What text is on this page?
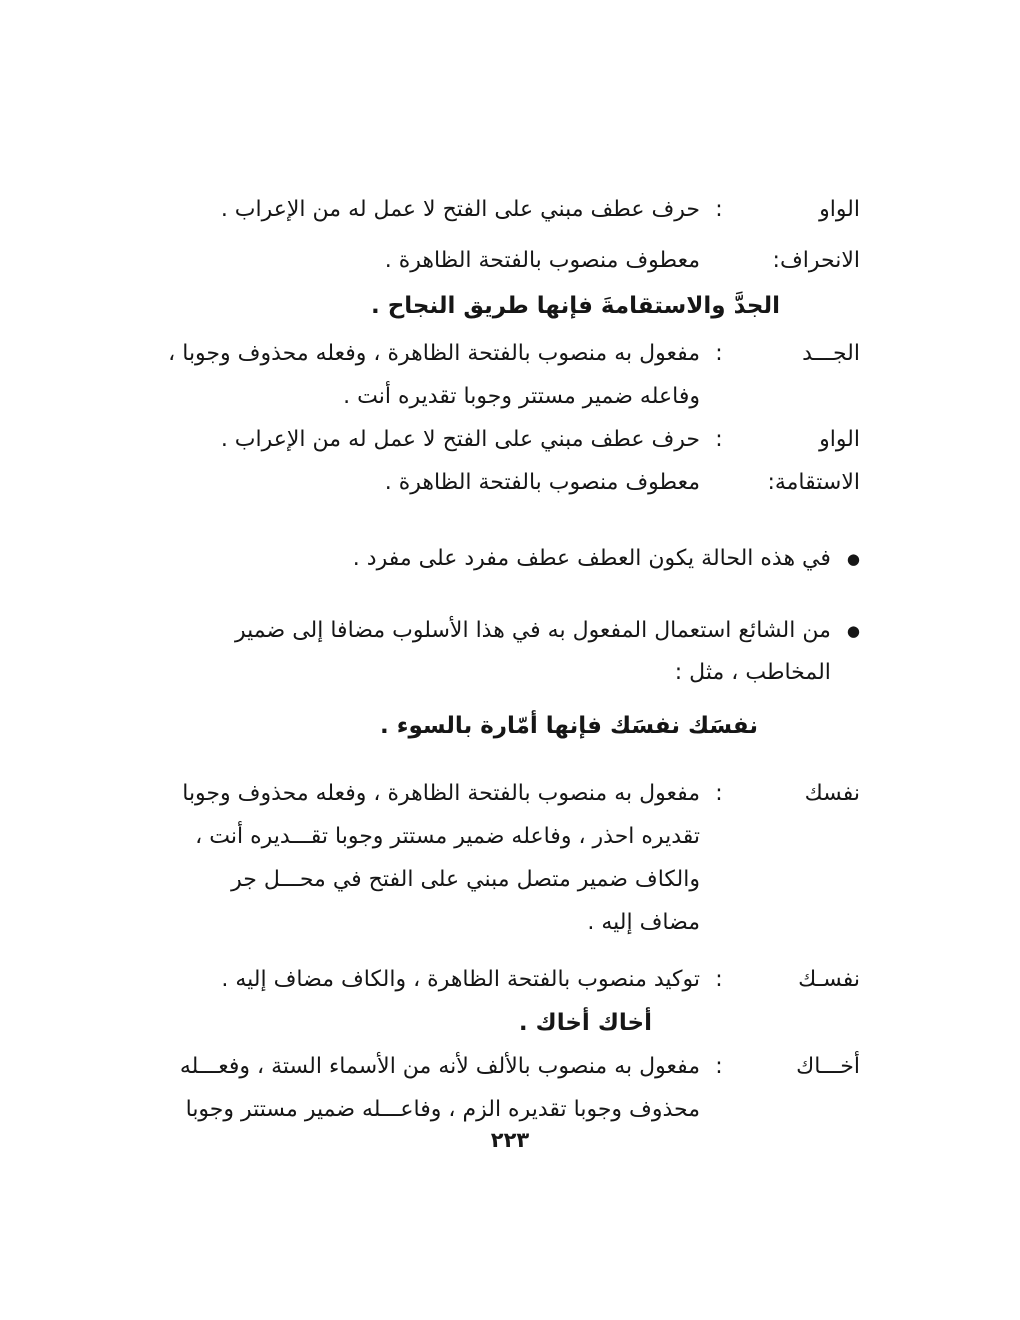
الواو
:
حرف عطف مبني على الفتح لا عمل له من الإعراب .
الانحراف:
معطوف منصوب بالفتحة الظاهرة .
الجدَّ والاستقامةَ فإنها طريق النجاح .
الجـــد
:
مفعول به منصوب بالفتحة الظاهرة ، وفعله محذوف وجوبا ، وفاعله ضمير مستتر وجوبا تقديره أنت .
الواو
:
حرف عطف مبني على الفتح لا عمل له من الإعراب .
الاستقامة:
معطوف منصوب بالفتحة الظاهرة .
●
في هذه الحالة يكون العطف عطف مفرد على مفرد .
●
من الشائع استعمال المفعول به في هذا الأسلوب مضافا إلى ضمير المخاطب ، مثل :
نفسَك نفسَك فإنها أمّارة بالسوء .
نفسك
:
مفعول به منصوب بالفتحة الظاهرة ، وفعله محذوف وجوبا تقديره احذر ، وفاعله ضمير مستتر وجوبا تقـــديره أنت ، والكاف ضمير متصل مبني على الفتح في محـــل جر مضاف إليه .
نفسـك
:
توكيد منصوب بالفتحة الظاهرة ، والكاف مضاف إليه .
أخاك أخاك .
أخـــاك
:
مفعول به منصوب بالألف لأنه من الأسماء الستة ، وفعـــله محذوف وجوبا تقديره الزم ، وفاعـــله ضمير مستتر وجوبا
٢٢٣
